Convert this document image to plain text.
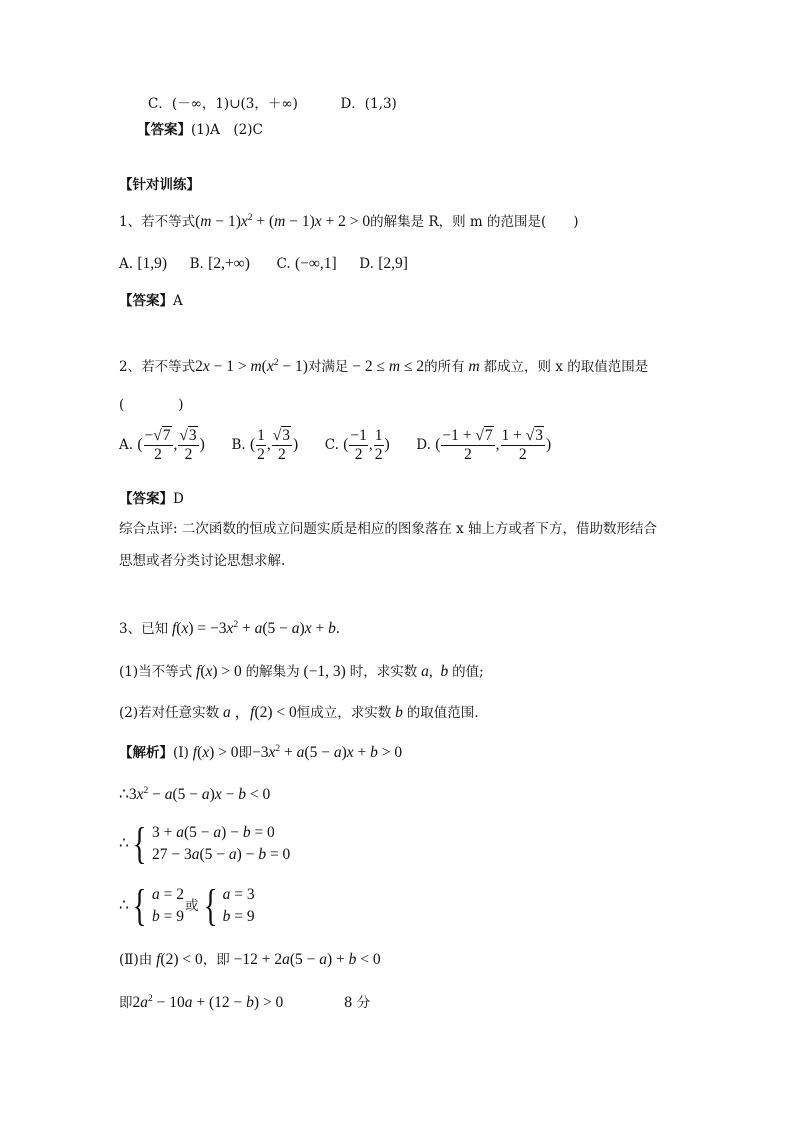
C．(－∞，1)∪(3，＋∞)	D．(1,3)
【答案】(1)A　(2)C
【针对训练】
1、若不等式$(m - 1)x^2 + (m - 1)x + 2 > 0$的解集是 R，则 m 的范围是(　　)
A. [1,9) B. [2,+∞) C. (−∞,1] D. [2,9]
【答案】A
2、若不等式$2x - 1 > m(x^2 - 1)$对满足 − 2 ≤ m ≤ 2的所有 m 都成立，则 x 的取值范围是
(　　　　)
A. ( $\frac{-√7}{2}$ , $\frac{√3}{2}$ ) B. ( $\frac{1}{2}$ , $\frac{√3}{2}$ ) C. ( $\frac{-1}{2}$ , $\frac{1}{2}$ ) D. ( $\frac{-1 + √7}{2}$ , $\frac{1 + √3}{2}$ )
【答案】D
综合点评: 二次函数的恒成立问题实质是相应的图象落在 x 轴上方或者下方，借助数形结合
思想或者分类讨论思想求解.
3、已知 $f(x) = -3x^2 + a(5 - a)x + b$.
(1)当不等式 f(x) > 0 的解集为 (−1, 3) 时，求实数 a,  b 的值;
(2)若对任意实数 a ，f(2) < 0恒成立，求实数 b 的取值范围.
【解析】(Ⅰ) f(x) > 0即$-3x^2 + a(5 - a)x + b > 0$
$\therefore 3x^2 - a(5 - a)x - b < 0$
∴ { 3 + a(5 − a) − b = 0
27 − 3a(5 − a) − b = 0
∴ { a = 2
b = 9
或 { a = 3
b = 9
(Ⅱ)由 f(2) < 0，即 −12 + 2a(5 − a) + b < 0
即$2a^2 - 10a + (12 - b) > 0$	8 分
